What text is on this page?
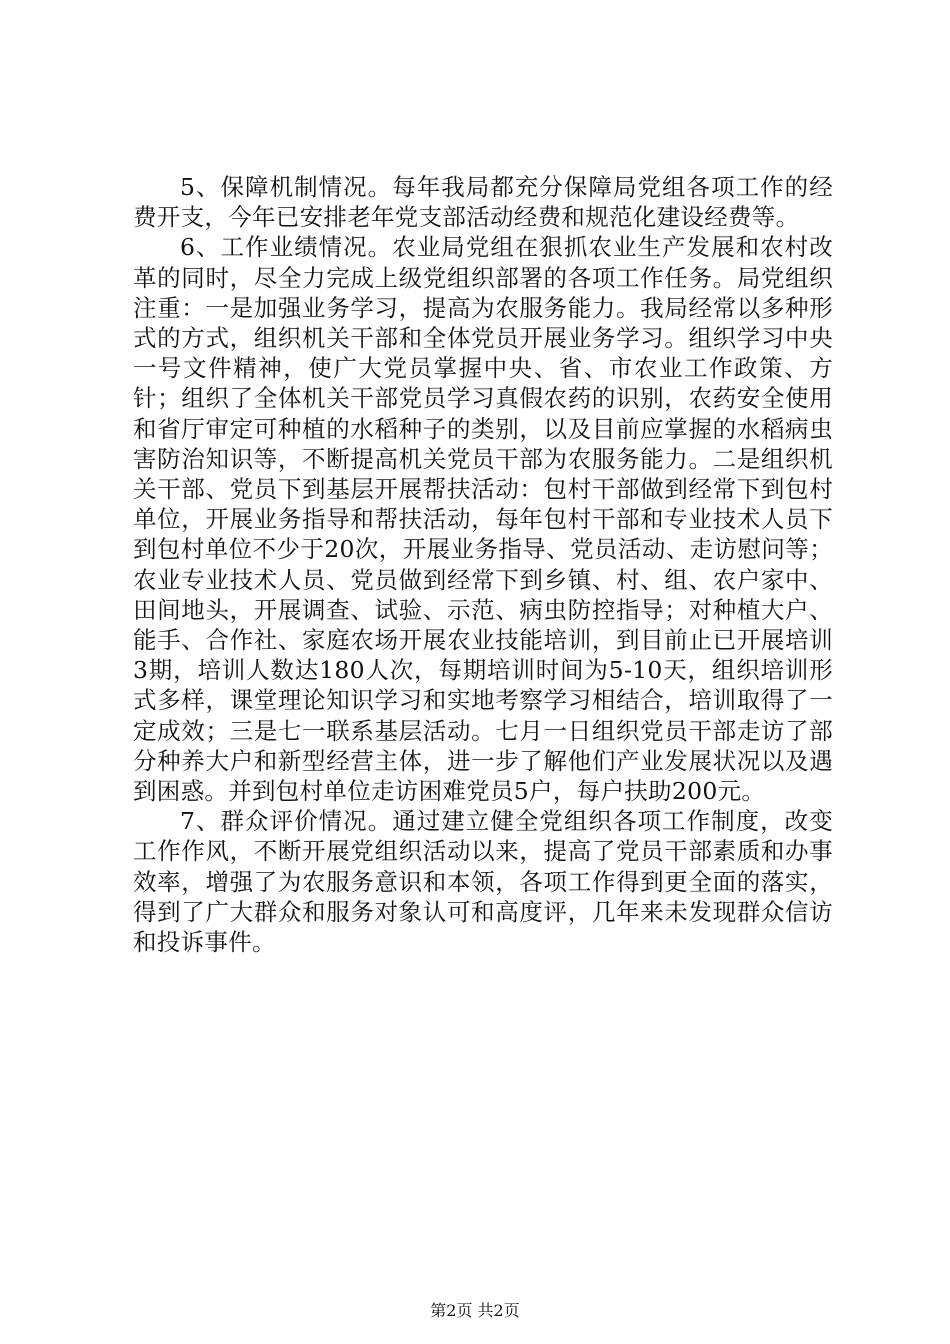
5、保障机制情况。每年我局都充分保障局党组各项工作的经费开支，今年已安排老年党支部活动经费和规范化建设经费等。

6、工作业绩情况。农业局党组在狠抓农业生产发展和农村改革的同时，尽全力完成上级党组织部署的各项工作任务。局党组织注重：一是加强业务学习，提高为农服务能力。我局经常以多种形式的方式，组织机关干部和全体党员开展业务学习。组织学习中央一号文件精神，使广大党员掌握中央、省、市农业工作政策、方针；组织了全体机关干部党员学习真假农药的识别，农药安全使用和省厅审定可种植的水稻种子的类别，以及目前应掌握的水稻病虫害防治知识等，不断提高机关党员干部为农服务能力。二是组织机关干部、党员下到基层开展帮扶活动：包村干部做到经常下到包村单位，开展业务指导和帮扶活动，每年包村干部和专业技术人员下到包村单位不少于20次，开展业务指导、党员活动、走访慰问等；农业专业技术人员、党员做到经常下到乡镇、村、组、农户家中、田间地头，开展调查、试验、示范、病虫防控指导；对种植大户、能手、合作社、家庭农场开展农业技能培训，到目前止已开展培训3期，培训人数达180人次，每期培训时间为5-10天，组织培训形式多样，课堂理论知识学习和实地考察学习相结合，培训取得了一定成效；三是七一联系基层活动。七月一日组织党员干部走访了部分种养大户和新型经营主体，进一步了解他们产业发展状况以及遇到困惑。并到包村单位走访困难党员5户，每户扶助200元。

7、群众评价情况。通过建立健全党组织各项工作制度，改变工作作风，不断开展党组织活动以来，提高了党员干部素质和办事效率，增强了为农服务意识和本领，各项工作得到更全面的落实，得到了广大群众和服务对象认可和高度评，几年来未发现群众信访和投诉事件。

第2页 共2页
